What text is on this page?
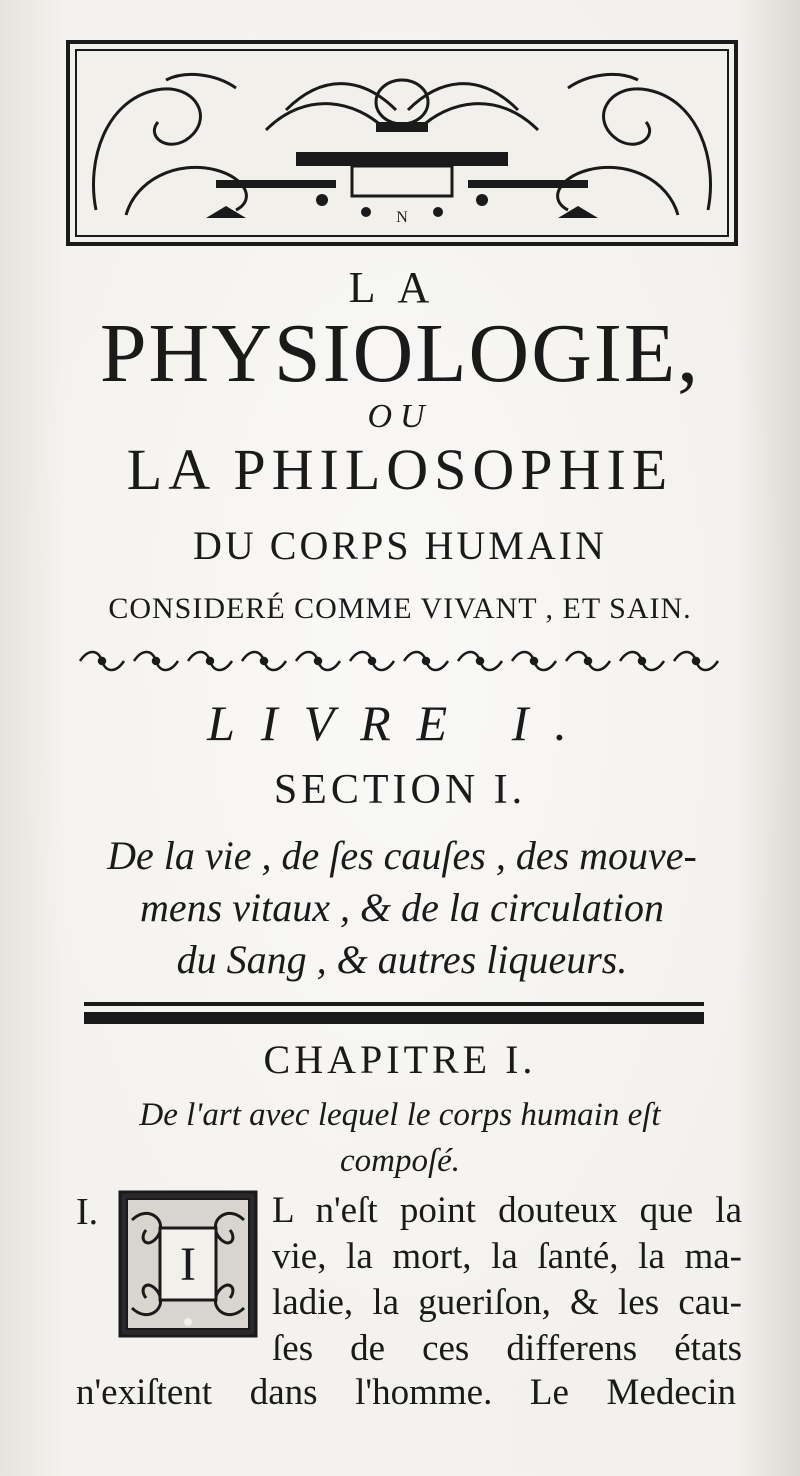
N
LA
PHYSIOLOGIE,
OU
LA PHILOSOPHIE
DU CORPS HUMAIN
CONSIDERÉ COMME VIVANT , ET SAIN.
LIVRE I.
SECTION I.
De la vie , de ſes cauſes , des mouve-
mens vitaux , & de la circulation
du Sang , & autres liqueurs.
CHAPITRE I.
De l'art avec lequel le corps humain eſt
compoſé.
I.
I
L n'eſt point douteux que la
vie, la mort, la ſanté, la ma-
ladie, la gueriſon, & les cau-
ſes de ces differens états
n'exiſtent dans l'homme. Le Medecin
